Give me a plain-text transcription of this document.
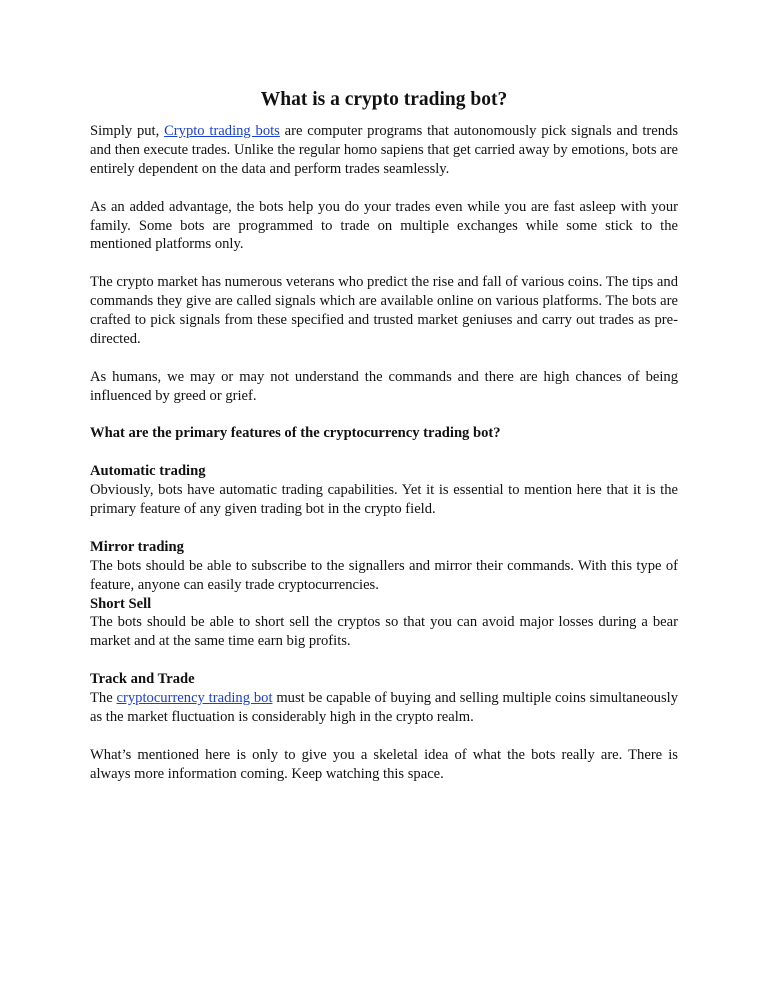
What is a crypto trading bot?

Simply put, Crypto trading bots are computer programs that autonomously pick signals and trends and then execute trades. Unlike the regular homo sapiens that get carried away by emotions, bots are entirely dependent on the data and perform trades seamlessly.

As an added advantage, the bots help you do your trades even while you are fast asleep with your family. Some bots are programmed to trade on multiple exchanges while some stick to the mentioned platforms only.

The crypto market has numerous veterans who predict the rise and fall of various coins. The tips and commands they give are called signals which are available online on various platforms. The bots are crafted to pick signals from these specified and trusted market geniuses and carry out trades as pre-directed.

As humans, we may or may not understand the commands and there are high chances of being influenced by greed or grief.

What are the primary features of the cryptocurrency trading bot?

Automatic trading

Obviously, bots have automatic trading capabilities. Yet it is essential to mention here that it is the primary feature of any given trading bot in the crypto field.

Mirror trading

The bots should be able to subscribe to the signallers and mirror their commands. With this type of feature, anyone can easily trade cryptocurrencies.

Short Sell

The bots should be able to short sell the cryptos so that you can avoid major losses during a bear market and at the same time earn big profits.

Track and Trade

The cryptocurrency trading bot must be capable of buying and selling multiple coins simultaneously as the market fluctuation is considerably high in the crypto realm.

What’s mentioned here is only to give you a skeletal idea of what the bots really are. There is always more information coming. Keep watching this space.
